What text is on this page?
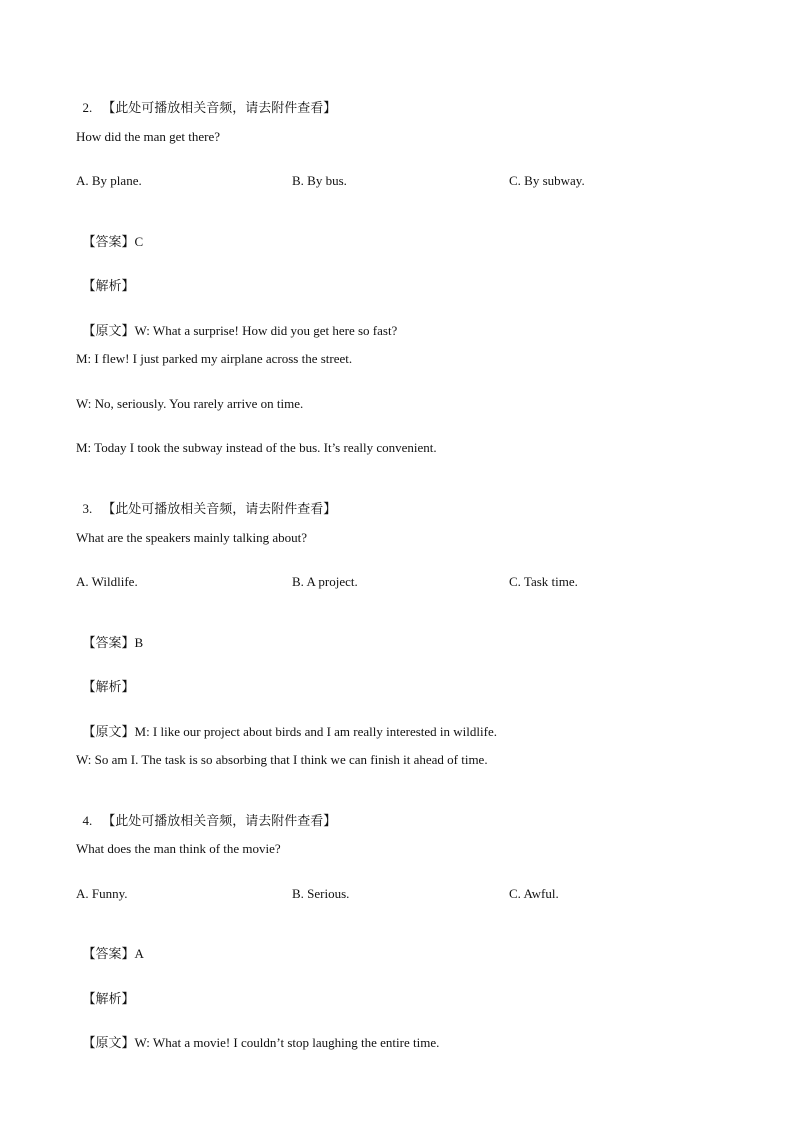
2. 【此处可播放相关音频，请去附件查看】

How did the man get there?
A. By plane.	B. By bus.	C. By subway.

【答案】C

【解析】

【原文】W: What a surprise! How did you get here so fast?

M: I flew! I just parked my airplane across the street.
W: No, seriously. You rarely arrive on time.
M: Today I took the subway instead of the bus. It’s really convenient.

3. 【此处可播放相关音频，请去附件查看】

What are the speakers mainly talking about?
A. Wildlife.	B. A project.	C. Task time.

【答案】B

【解析】

【原文】M: I like our project about birds and I am really interested in wildlife.

W: So am I. The task is so absorbing that I think we can finish it ahead of time.

4. 【此处可播放相关音频，请去附件查看】

What does the man think of the movie?
A. Funny.	B. Serious.	C. Awful.

【答案】A

【解析】

【原文】W: What a movie! I couldn’t stop laughing the entire time.
